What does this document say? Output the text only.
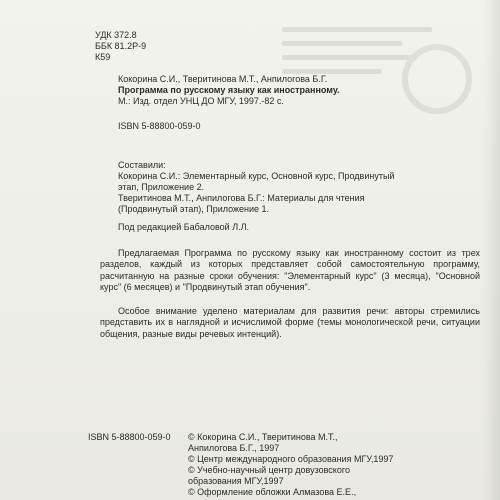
УДК 372.8
ББК 81.2Р-9
К59
Кокорина С.И., Тверитинова М.Т., Анпилогова Б.Г.
Программа по русскому языку как иностранному.
М.: Изд. отдел УНЦ ДО МГУ, 1997.-82 с.
ISBN 5-88800-059-0
Составили:
Кокорина С.И.: Элементарный курс, Основной курс, Продвинутый
этап, Приложение 2.
Тверитинова М.Т., Анпилогова Б.Г.: Материалы для чтения
(Продвинутый этап), Приложение 1.
Под редакцией Бабаловой Л.Л.
Предлагаемая Программа по русскому языку как иностранному состоит из трех разделов, каждый из которых представляет собой самостоятельную программу, расчитанную на разные сроки обучения: "Элементарный курс" (3 месяца), "Основной курс" (6 месяцев) и "Продвинутый этап обучения".
Особое внимание уделено материалам для развития речи: авторы стремились представить их в наглядной и исчислимой форме (темы монологической речи, ситуации общения, разные виды речевых интенций).
ISBN 5-88800-059-0 © Кокорина С.И., Тверитинова М.Т.,
Анпилогова Б.Г., 1997
© Центр международного образования МГУ,1997
© Учебно-научный центр довузовского
образования МГУ,1997
© Оформление обложки Алмазова Е.Е.,
